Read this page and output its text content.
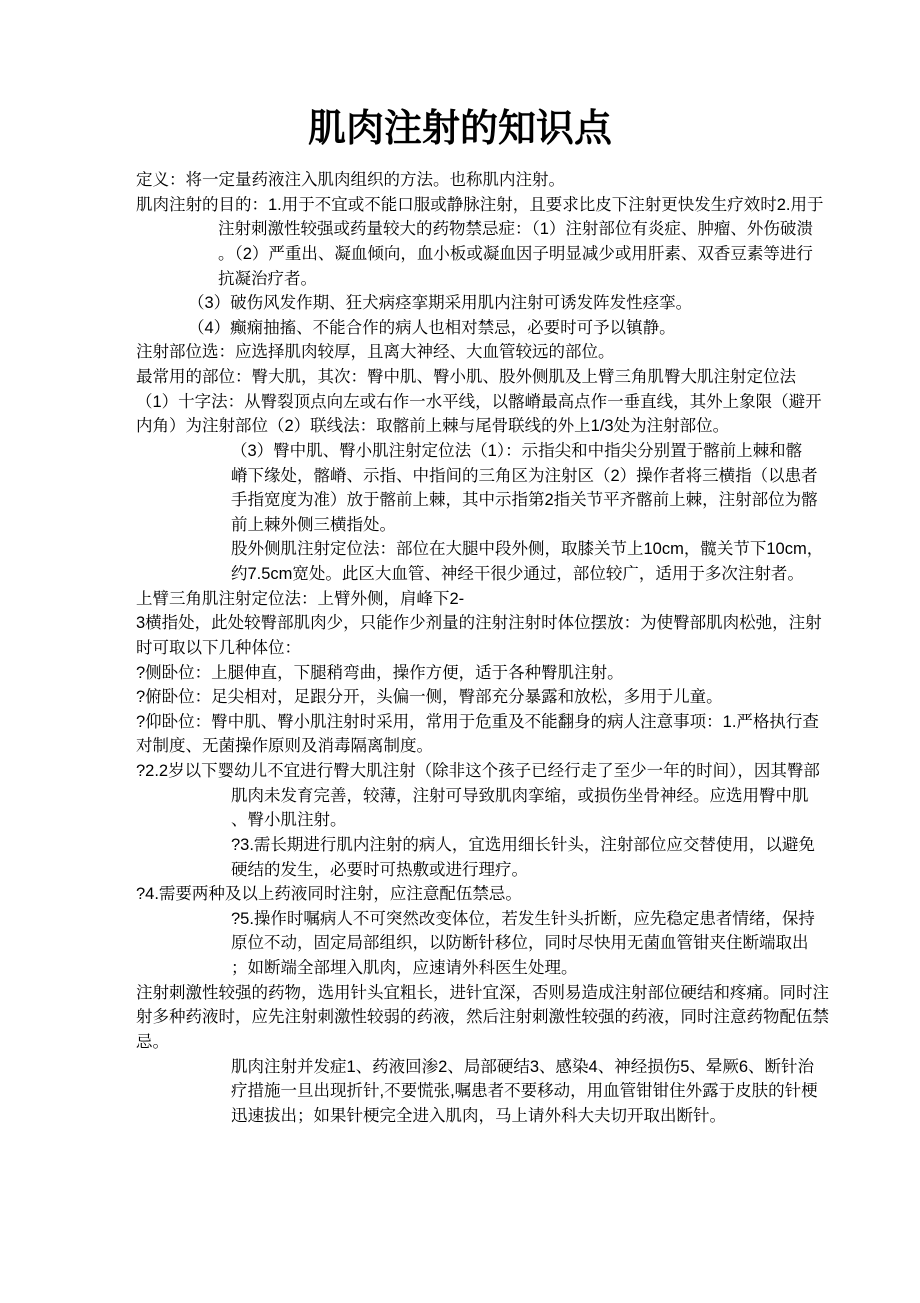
肌肉注射的知识点
定义：将一定量药液注入肌肉组织的方法。也称肌内注射。
肌肉注射的目的：1.用于不宜或不能口服或静脉注射，且要求比皮下注射更快发生疗效时2.用于
注射刺激性较强或药量较大的药物禁忌症：（1）注射部位有炎症、肿瘤、外伤破溃
。（2）严重出、凝血倾向，血小板或凝血因子明显减少或用肝素、双香豆素等进行
抗凝治疗者。
（3）破伤风发作期、狂犬病痉挛期采用肌内注射可诱发阵发性痉挛。
（4）癫痫抽搐、不能合作的病人也相对禁忌，必要时可予以镇静。
注射部位选：应选择肌肉较厚，且离大神经、大血管较远的部位。
最常用的部位：臀大肌，其次：臀中肌、臀小肌、股外侧肌及上臂三角肌臀大肌注射定位法
（1）十字法：从臀裂顶点向左或右作一水平线，以髂嵴最高点作一垂直线，其外上象限（避开
内角）为注射部位（2）联线法：取髂前上棘与尾骨联线的外上1/3处为注射部位。
（3）臀中肌、臀小肌注射定位法（1）：示指尖和中指尖分别置于髂前上棘和髂
嵴下缘处，髂嵴、示指、中指间的三角区为注射区（2）操作者将三横指（以患者
手指宽度为准）放于髂前上棘，其中示指第2指关节平齐髂前上棘，注射部位为髂
前上棘外侧三横指处。
股外侧肌注射定位法：部位在大腿中段外侧，取膝关节上10cm，髋关节下10cm，
约7.5cm宽处。此区大血管、神经干很少通过，部位较广，适用于多次注射者。
上臂三角肌注射定位法：上臂外侧，肩峰下2-
3横指处，此处较臀部肌肉少，只能作少剂量的注射注射时体位摆放：为使臀部肌肉松弛，注射
时可取以下几种体位：
?侧卧位：上腿伸直，下腿稍弯曲，操作方便，适于各种臀肌注射。
?俯卧位：足尖相对，足跟分开，头偏一侧，臀部充分暴露和放松，多用于儿童。
?仰卧位：臀中肌、臀小肌注射时采用，常用于危重及不能翻身的病人注意事项：1.严格执行查
对制度、无菌操作原则及消毒隔离制度。
?2.2岁以下婴幼儿不宜进行臀大肌注射（除非这个孩子已经行走了至少一年的时间），因其臀部
肌肉未发育完善，较薄，注射可导致肌肉挛缩，或损伤坐骨神经。应选用臀中肌
、臀小肌注射。
?3.需长期进行肌内注射的病人，宜选用细长针头，注射部位应交替使用，以避免
硬结的发生，必要时可热敷或进行理疗。
?4.需要两种及以上药液同时注射，应注意配伍禁忌。
?5.操作时嘱病人不可突然改变体位，若发生针头折断，应先稳定患者情绪，保持
原位不动，固定局部组织，以防断针移位，同时尽快用无菌血管钳夹住断端取出
；如断端全部埋入肌肉，应速请外科医生处理。
注射刺激性较强的药物，选用针头宜粗长，进针宜深，否则易造成注射部位硬结和疼痛。同时注
射多种药液时，应先注射刺激性较弱的药液，然后注射刺激性较强的药液，同时注意药物配伍禁
忌。
肌肉注射并发症1、药液回渗2、局部硬结3、感染4、神经损伤5、晕厥6、断针治
疗措施一旦出现折针,不要慌张,嘱患者不要移动，用血管钳钳住外露于皮肤的针梗
迅速拔出；如果针梗完全进入肌肉，马上请外科大夫切开取出断针。
